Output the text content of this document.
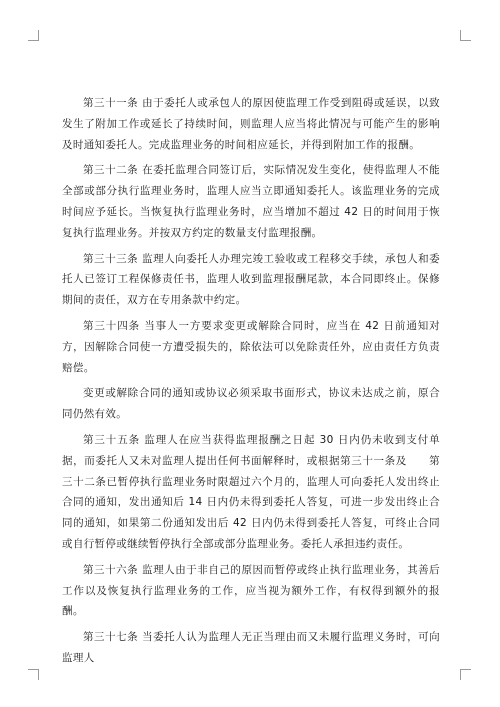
第三十一条 由于委托人或承包人的原因使监理工作受到阻碍或延误，以致发生了附加工作或延长了持续时间，则监理人应当将此情况与可能产生的影响及时通知委托人。完成监理业务的时间相应延长，并得到附加工作的报酬。

第三十二条 在委托监理合同签订后，实际情况发生变化，使得监理人不能全部或部分执行监理业务时，监理人应当立即通知委托人。该监理业务的完成时间应予延长。当恢复执行监理业务时，应当增加不超过 42 日的时间用于恢复执行监理业务。并按双方约定的数量支付监理报酬。

第三十三条 监理人向委托人办理完竣工验收或工程移交手续，承包人和委托人已签订工程保修责任书，监理人收到监理报酬尾款，本合同即终止。保修期间的责任，双方在专用条款中约定。

第三十四条 当事人一方要求变更或解除合同时，应当在 42 日前通知对方，因解除合同使一方遭受损失的，除依法可以免除责任外，应由责任方负责赔偿。

变更或解除合同的通知或协议必须采取书面形式，协议未达成之前，原合同仍然有效。

第三十五条 监理人在应当获得监理报酬之日起 30 日内仍未收到支付单据，而委托人又未对监理人提出任何书面解释时，或根据第三十一条及　　第三十二条已暂停执行监理业务时限超过六个月的，监理人可向委托人发出终止合同的通知，发出通知后 14 日内仍未得到委托人答复，可进一步发出终止合同的通知，如果第二份通知发出后 42 日内仍未得到委托人答复，可终止合同或自行暂停或继续暂停执行全部或部分监理业务。委托人承担违约责任。

第三十六条 监理人由于非自己的原因而暂停或终止执行监理业务，其善后工作以及恢复执行监理业务的工作，应当视为额外工作，有权得到额外的报酬。

第三十七条 当委托人认为监理人无正当理由而又未履行监理义务时，可向监理人
